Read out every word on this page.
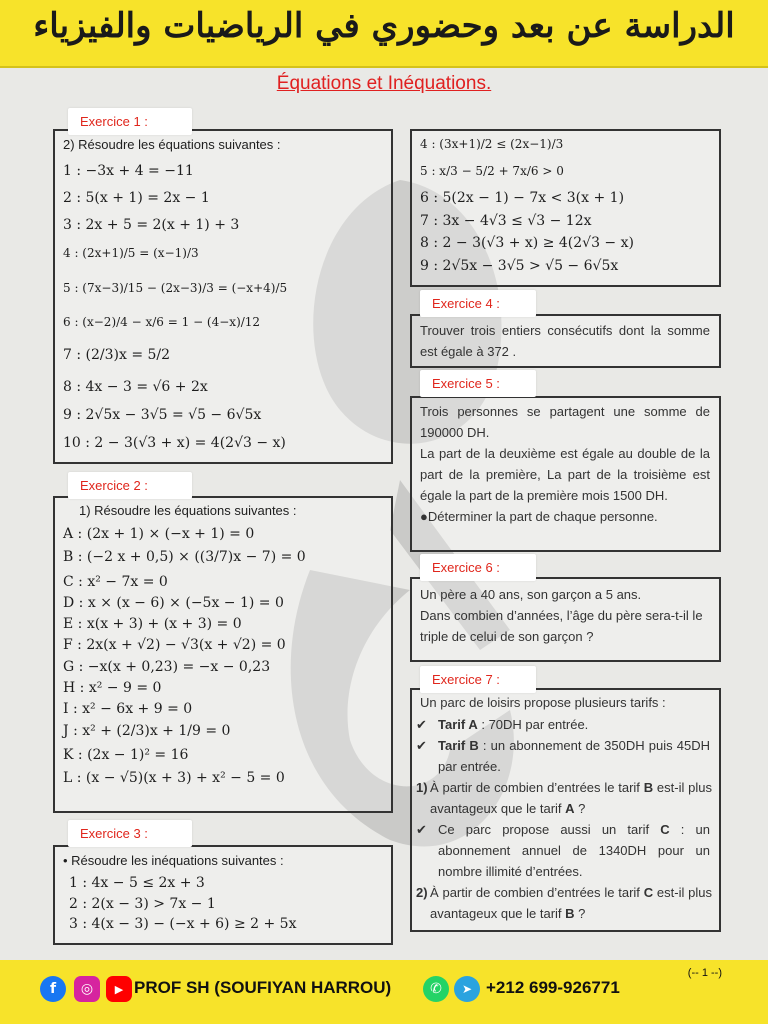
الدراسة عن بعد وحضوري في الرياضيات والفيزياء
Équations et Inéquations.
2) Résoudre les équations suivantes :
1 : −3x + 4 = −11
2 : 5(x + 1) = 2x − 1
3 : 2x + 5 = 2(x + 1) + 3
4 : (2x+1)/5 = (x−1)/3
5 : (7x−3)/15 − (2x−3)/3 = (−x+4)/5
6 : (x−2)/4 − x/6 = 1 − (4−x)/12
7 : (2/3)x = 5/2
8 : 4x − 3 = √6 + 2x
9 : 2√5x − 3√5 = √5 − 6√5x
10 : 2 − 3(√3 + x) = 4(2√3 − x)
Exercice 1 :
1) Résoudre les équations suivantes :
A : (2x + 1) × (−x + 1) = 0
B : (−2 x + 0,5) × ((3/7)x − 7) = 0
C : x² − 7x = 0
D : x × (x − 6) × (−5x − 1) = 0
E : x(x + 3) + (x + 3) = 0
F : 2x(x + √2) − √3(x + √2) = 0
G : −x(x + 0,23) = −x − 0,23
H : x² − 9 = 0
I : x² − 6x + 9 = 0
J : x² + (2/3)x + 1/9 = 0
K : (2x − 1)² = 16
L : (x − √5)(x + 3) + x² − 5 = 0
Exercice 2 :
• Résoudre les inéquations suivantes :
1 : 4x − 5 ≤ 2x + 3
2 : 2(x − 3) > 7x − 1
3 : 4(x − 3) − (−x + 6) ≥ 2 + 5x
Exercice 3 :
4 : (3x+1)/2 ≤ (2x−1)/3
5 : x/3 − 5/2 + 7x/6 > 0
6 : 5(2x − 1) − 7x < 3(x + 1)
7 : 3x − 4√3 ≤ √3 − 12x
8 : 2 − 3(√3 + x) ≥ 4(2√3 − x)
9 : 2√5x − 3√5 > √5 − 6√5x
Trouver trois entiers consécutifs dont la somme est égale à 372 .
Exercice 4 :
Trois personnes se partagent une somme de 190000 DH.
La part de la deuxième est égale au double de la part de la première, La part de la troisième est égale la part de la première mois 1500 DH.
●Déterminer la part de chaque personne.
Exercice 5 :
Un père a 40 ans, son garçon a 5 ans.
Dans combien d’années, l’âge du père sera-t-il le triple de celui de son garçon ?
Exercice 6 :
Un parc de loisirs propose plusieurs tarifs :
✔ Tarif A : 70DH par entrée.
✔ Tarif B : un abonnement de 350DH puis 45DH par entrée.
1) À partir de combien d’entrées le tarif B est-il plus avantageux que le tarif A ?
✔ Ce parc propose aussi un tarif C : un abonnement annuel de 1340DH pour un nombre illimité d’entrées.
2) À partir de combien d’entrées le tarif C est-il plus avantageux que le tarif B ?
Exercice 7 :
f	◎	▶ PROF SH (SOUFIYAN HARROU)	✆	➤ +212 699-926771
(-- 1 --)
